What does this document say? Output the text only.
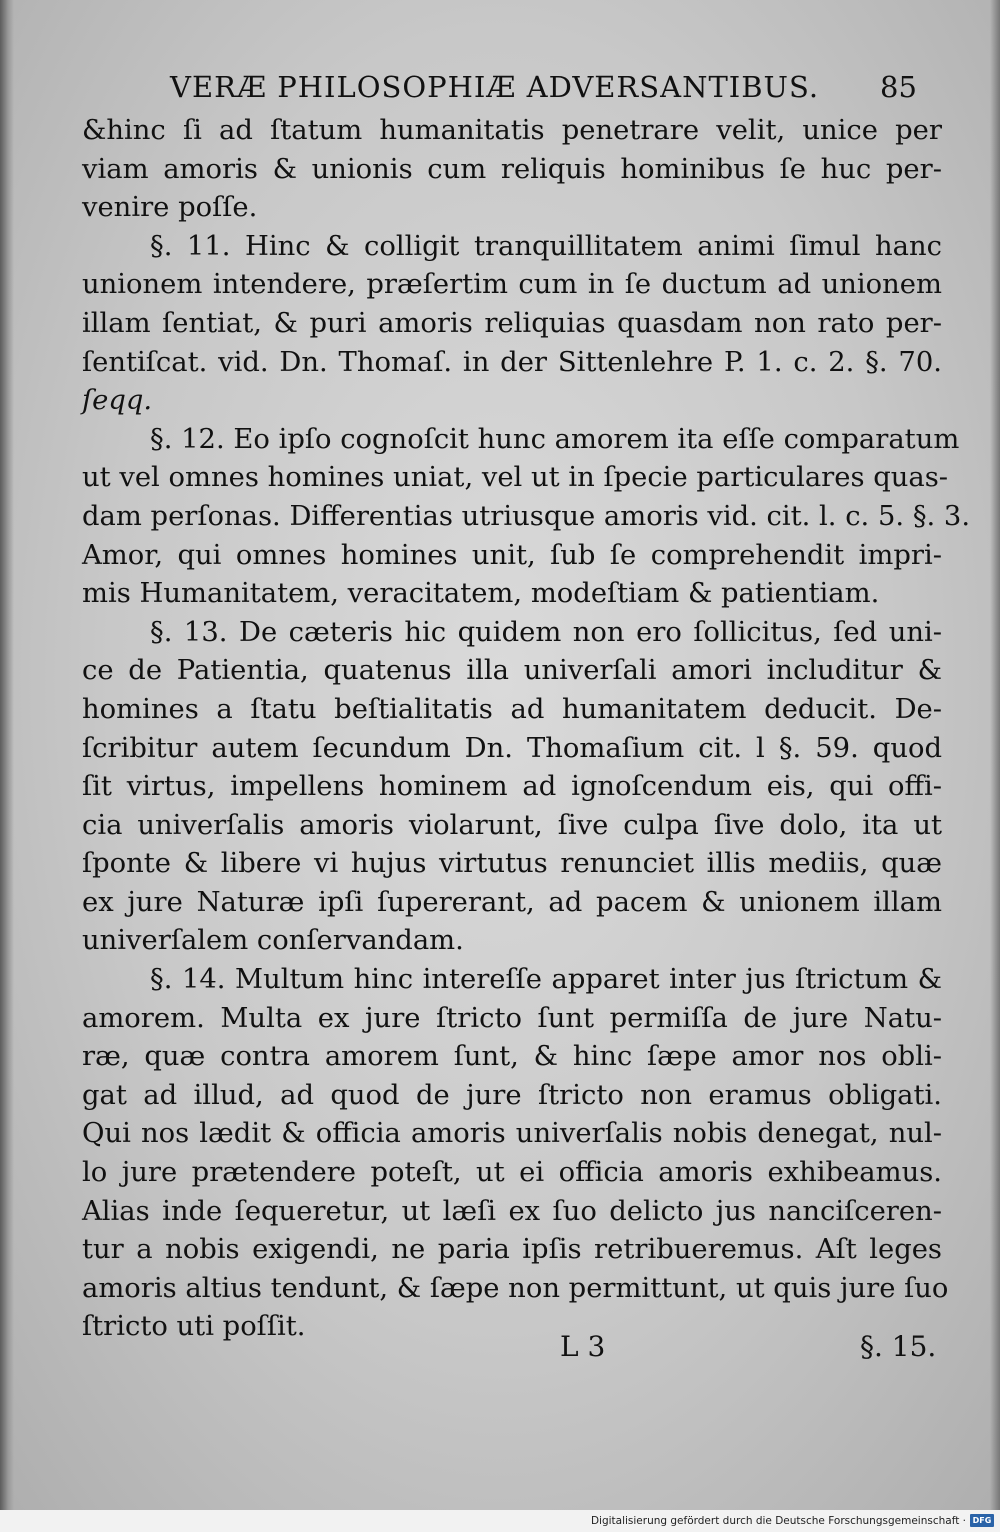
VERÆ PHILOSOPHIÆ ADVERSANTIBUS.	85
&hinc ſi ad ſtatum humanitatis penetrare velit, unice per
viam amoris & unionis cum reliquis hominibus ſe huc per-
venire poſſe.
§. 11. Hinc & colligit tranquillitatem animi ſimul hanc
unionem intendere, præſertim cum in ſe ductum ad unionem
illam ſentiat, & puri amoris reliquias quasdam non rato per-
ſentiſcat. vid. Dn. Thomaſ. in der Sittenlehre P. 1. c. 2. §. 70.
ſeqq.
§. 12. Eo ipſo cognoſcit hunc amorem ita eſſe comparatum
ut vel omnes homines uniat, vel ut in ſpecie particulares quas-
dam perſonas. Differentias utriusque amoris vid. cit. l. c. 5. §. 3.
Amor, qui omnes homines unit, ſub ſe comprehendit impri-
mis Humanitatem, veracitatem, modeſtiam & patientiam.
§. 13. De cæteris hic quidem non ero ſollicitus, ſed uni-
ce de Patientia, quatenus illa univerſali amori includitur &
homines a ſtatu beſtialitatis ad humanitatem deducit. De-
ſcribitur autem ſecundum Dn. Thomaſium cit. l §. 59. quod
ſit virtus, impellens hominem ad ignoſcendum eis, qui offi-
cia univerſalis amoris violarunt, ſive culpa ſive dolo, ita ut
ſponte & libere vi hujus virtutus renunciet illis mediis, quæ
ex jure Naturæ ipſi ſupererant, ad pacem & unionem illam
univerſalem conſervandam.
§. 14. Multum hinc intereſſe apparet inter jus ſtrictum &
amorem. Multa ex jure ſtricto ſunt permiſſa de jure Natu-
ræ, quæ contra amorem ſunt, & hinc ſæpe amor nos obli-
gat ad illud, ad quod de jure ſtricto non eramus obligati.
Qui nos lædit & officia amoris univerſalis nobis denegat, nul-
lo jure prætendere poteſt, ut ei officia amoris exhibeamus.
Alias inde ſequeretur, ut læſi ex ſuo delicto jus nanciſceren-
tur a nobis exigendi, ne paria ipſis retribueremus. Aſt leges
amoris altius tendunt, & ſæpe non permittunt, ut quis jure ſuo
ſtricto uti poſſit.
L 3	§. 15.
Digitalisierung gefördert durch die Deutsche Forschungsgemeinschaft · DFG
